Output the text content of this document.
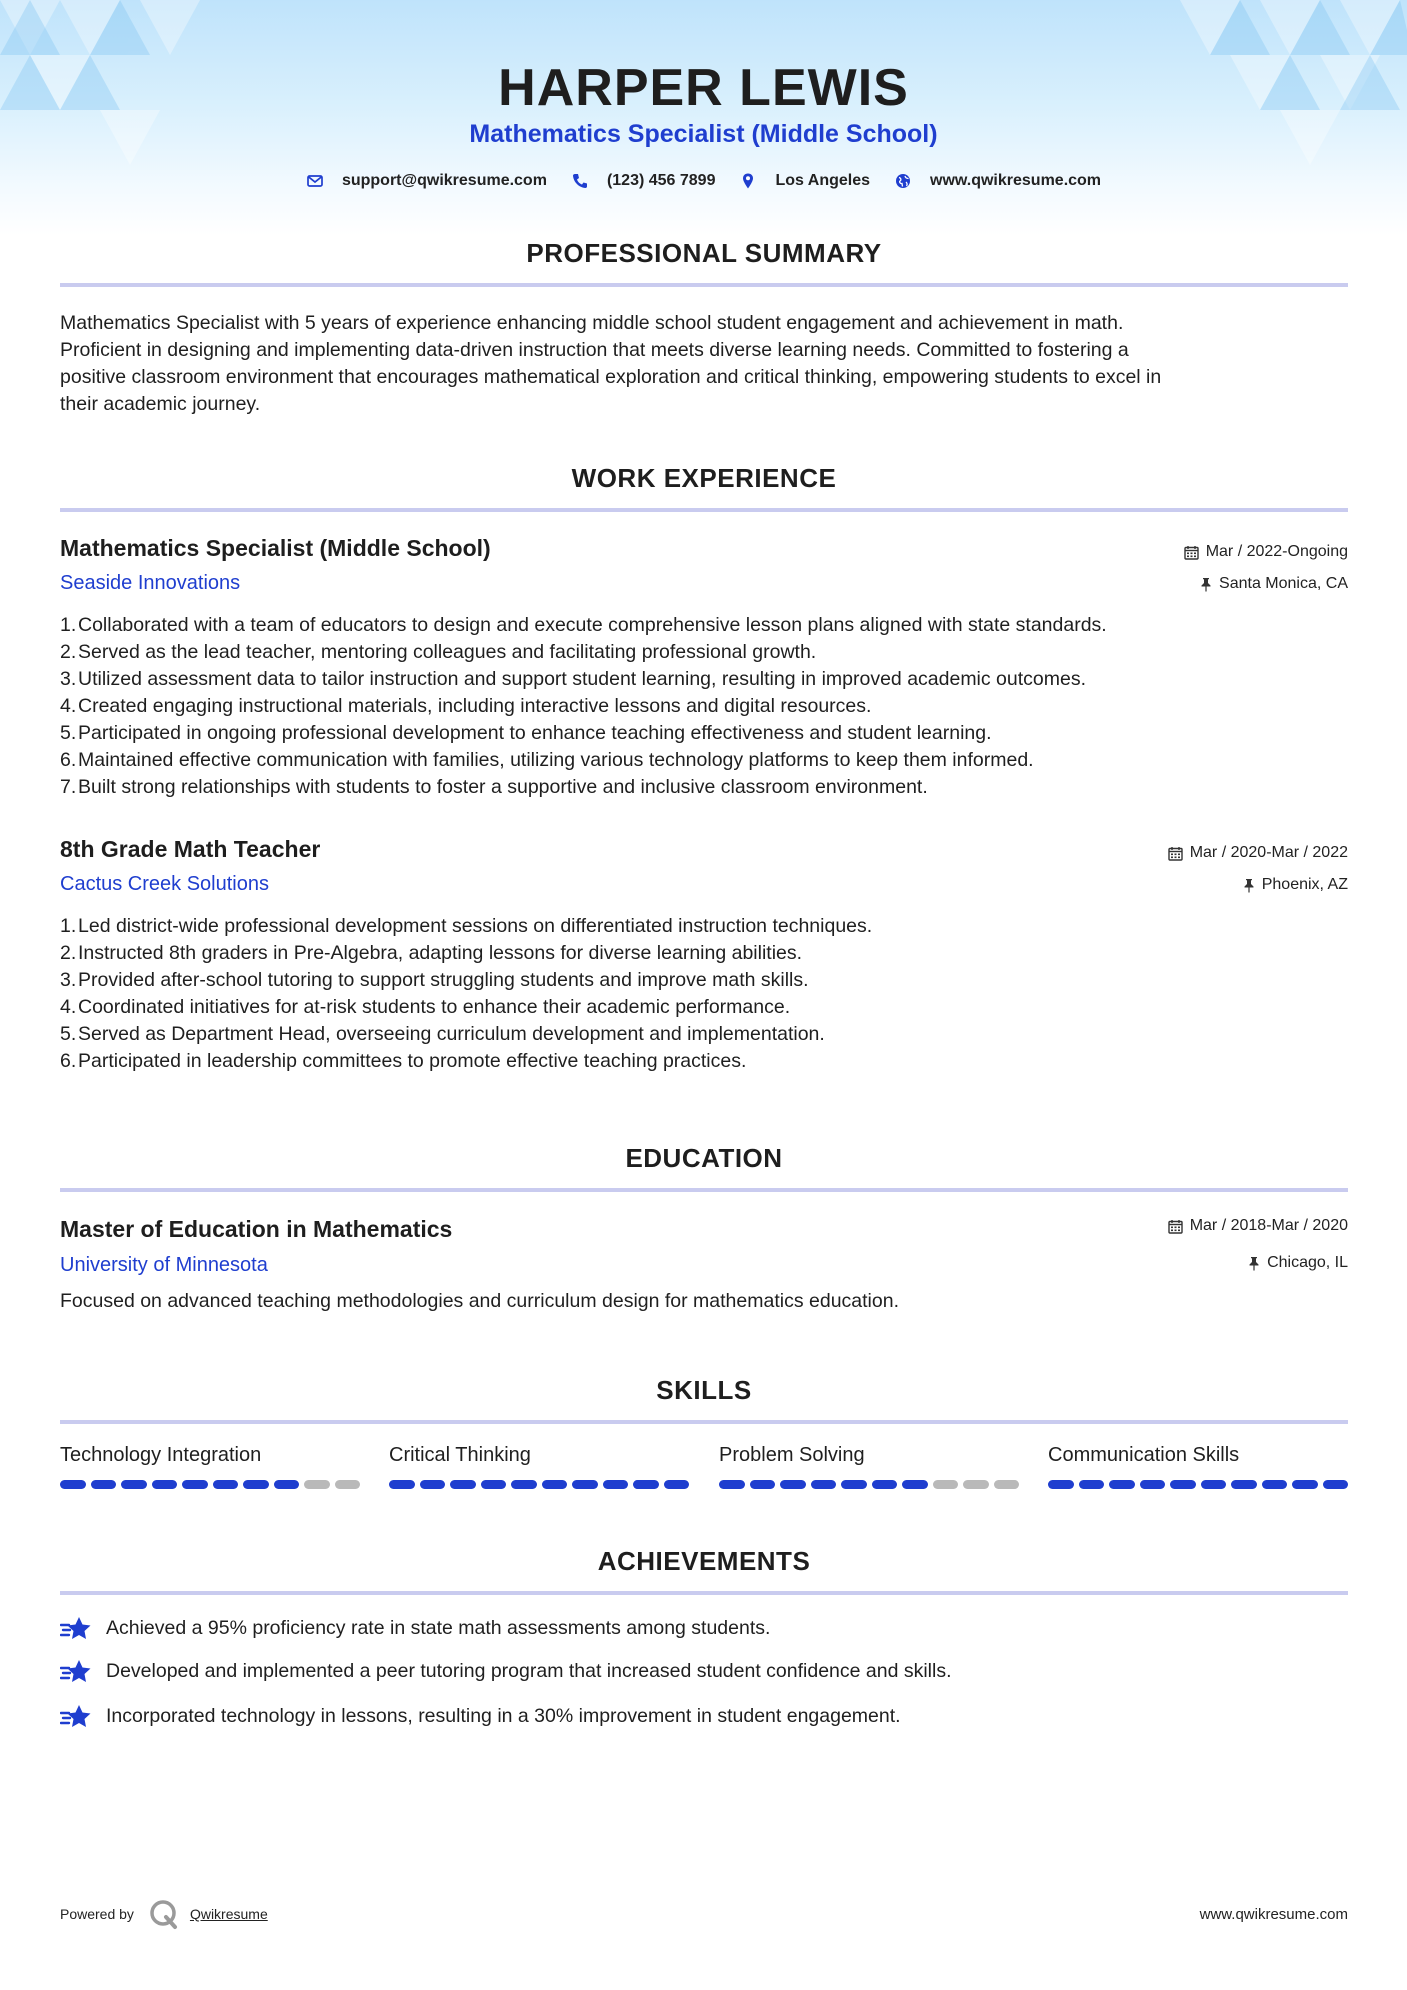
HARPER LEWIS
Mathematics Specialist (Middle School)
support@qwikresume.com	(123) 456 7899	Los Angeles	www.qwikresume.com
PROFESSIONAL SUMMARY
Mathematics Specialist with 5 years of experience enhancing middle school student engagement and achievement in math.
Proficient in designing and implementing data-driven instruction that meets diverse learning needs. Committed to fostering a
positive classroom environment that encourages mathematical exploration and critical thinking, empowering students to excel in
their academic journey.
WORK EXPERIENCE
Mathematics Specialist (Middle School)
Seaside Innovations
Mar / 2022-Ongoing
Santa Monica, CA
1. Collaborated with a team of educators to design and execute comprehensive lesson plans aligned with state standards.
2. Served as the lead teacher, mentoring colleagues and facilitating professional growth.
3. Utilized assessment data to tailor instruction and support student learning, resulting in improved academic outcomes.
4. Created engaging instructional materials, including interactive lessons and digital resources.
5. Participated in ongoing professional development to enhance teaching effectiveness and student learning.
6. Maintained effective communication with families, utilizing various technology platforms to keep them informed.
7. Built strong relationships with students to foster a supportive and inclusive classroom environment.
8th Grade Math Teacher
Cactus Creek Solutions
Mar / 2020-Mar / 2022
Phoenix, AZ
1. Led district-wide professional development sessions on differentiated instruction techniques.
2. Instructed 8th graders in Pre-Algebra, adapting lessons for diverse learning abilities.
3. Provided after-school tutoring to support struggling students and improve math skills.
4. Coordinated initiatives for at-risk students to enhance their academic performance.
5. Served as Department Head, overseeing curriculum development and implementation.
6. Participated in leadership committees to promote effective teaching practices.
EDUCATION
Master of Education in Mathematics
University of Minnesota
Mar / 2018-Mar / 2020
Chicago, IL
Focused on advanced teaching methodologies and curriculum design for mathematics education.
SKILLS
Technology Integration	Critical Thinking	Problem Solving	Communication Skills
ACHIEVEMENTS
Achieved a 95% proficiency rate in state math assessments among students.
Developed and implemented a peer tutoring program that increased student confidence and skills.
Incorporated technology in lessons, resulting in a 30% improvement in student engagement.
Powered by	Qwikresume	www.qwikresume.com
